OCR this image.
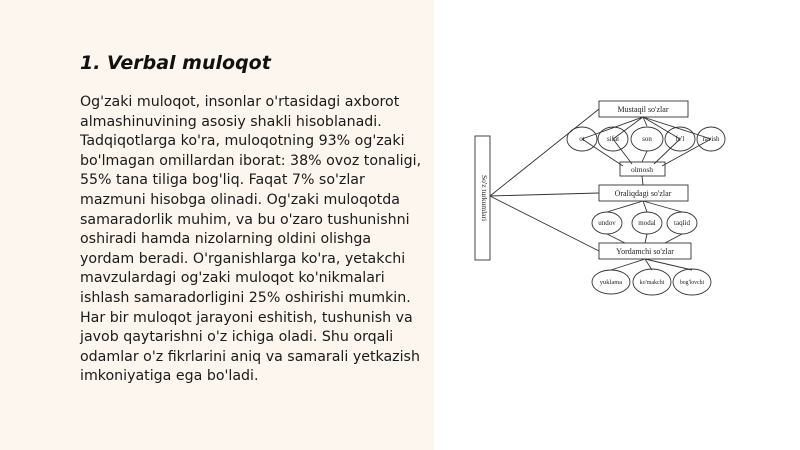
1. Verbal muloqot

Og'zaki muloqot, insonlar o'rtasidagi axborot almashinuvining asosiy shakli hisoblanadi. Tadqiqotlarga ko'ra, muloqotning 93% og'zaki bo'lmagan omillardan iborat: 38% ovoz tonaligi, 55% tana tiliga bog'liq. Faqat 7% so'zlar mazmuni hisobga olinadi. Og'zaki muloqotda samaradorlik muhim, va bu o'zaro tushunishni oshiradi hamda nizolarning oldini olishga yordam beradi. O'rganishlarga ko'ra, yetakchi mavzulardagi og'zaki muloqot ko'nikmalari ishlash samaradorligini 25% oshirishi mumkin. Har bir muloqot jarayoni eshitish, tushunish va javob qaytarishni o'z ichiga oladi. Shu orqali odamlar o'z fikrlarini aniq va samarali yetkazish imkoniyatiga ega bo'ladi.

So'z turkumlari
Mustaqil so'zlar
ot	sifat	son	fe'l	ravish
olmosh
Oraliqdagi so'zlar
undov	modal	taqlid
Yordamchi so'zlar
yuklama	ko'makchi	bog'lovchi
